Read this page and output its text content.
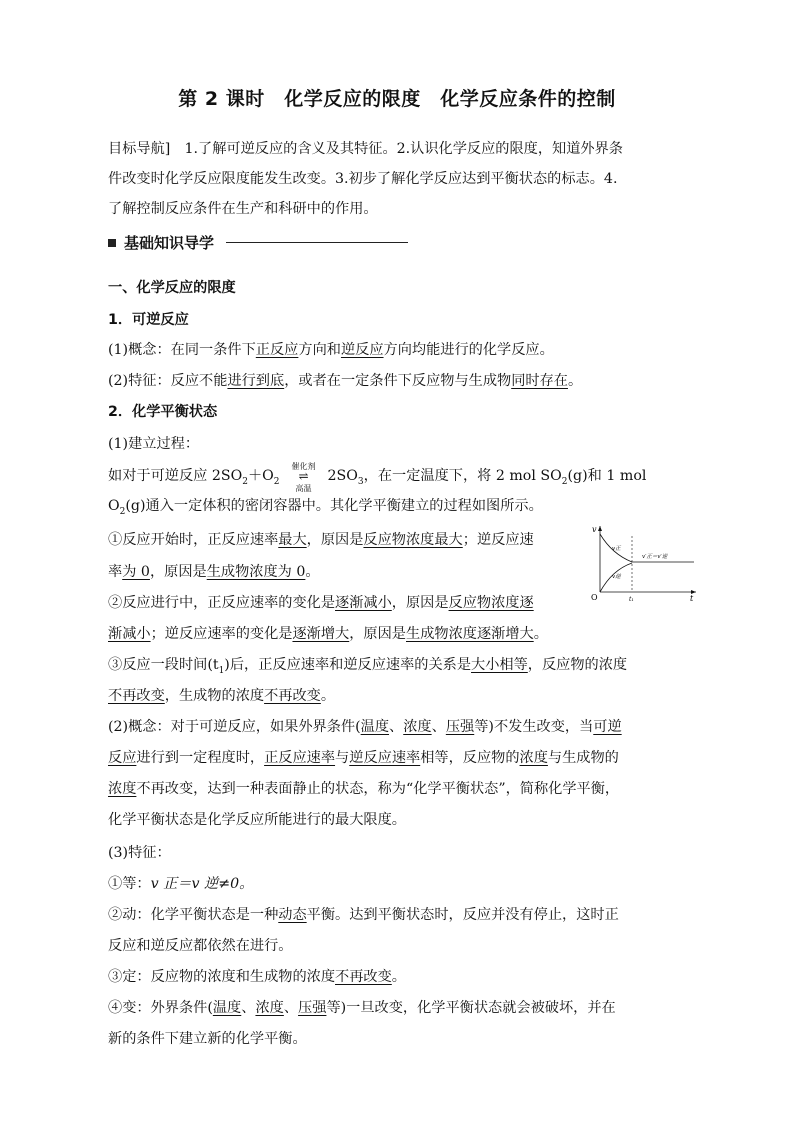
第 2 课时　化学反应的限度　化学反应条件的控制
目标导航]　1.了解可逆反应的含义及其特征。2.认识化学反应的限度，知道外界条
件改变时化学反应限度能发生改变。3.初步了解化学反应达到平衡状态的标志。4.
了解控制反应条件在生产和科研中的作用。
基础知识导学
一、化学反应的限度
1．可逆反应
(1)概念：在同一条件下正反应方向和逆反应方向均能进行的化学反应。
(2)特征：反应不能进行到底，或者在一定条件下反应物与生成物同时存在。
2．化学平衡状态
(1)建立过程：
如对于可逆反应 $2SO_2+O_2$
催化剂
⇌
高温
$2SO_3$，在一定温度下，将 2 mol $SO_2(g)$和 1 mol
$O_2(g)$通入一定体积的密闭容器中。其化学平衡建立的过程如图所示。
①反应开始时，正反应速率最大，原因是反应物浓度最大；逆反应速
率为 0，原因是生成物浓度为 0。
②反应进行中，正反应速率的变化是逐渐减小，原因是反应物浓度逐
渐减小；逆反应速率的变化是逐渐增大，原因是生成物浓度逐渐增大。
③反应一段时间$(t_1)$后，正反应速率和逆反应速率的关系是大小相等，反应物的浓度
不再改变，生成物的浓度不再改变。
(2)概念：对于可逆反应，如果外界条件(温度、浓度、压强等)不发生改变，当可逆
反应进行到一定程度时，正反应速率与逆反应速率相等，反应物的浓度与生成物的
浓度不再改变，达到一种表面静止的状态，称为“化学平衡状态”，简称化学平衡，
化学平衡状态是化学反应所能进行的最大限度。
(3)特征：
①等：v 正＝v 逆≠0。
②动：化学平衡状态是一种动态平衡。达到平衡状态时，反应并没有停止，这时正
反应和逆反应都依然在进行。
③定：反应物的浓度和生成物的浓度不再改变。
④变：外界条件(温度、浓度、压强等)一旦改变，化学平衡状态就会被破坏，并在
新的条件下建立新的化学平衡。
v
t
O	t₁
v正
v逆
v′正＝v′逆
